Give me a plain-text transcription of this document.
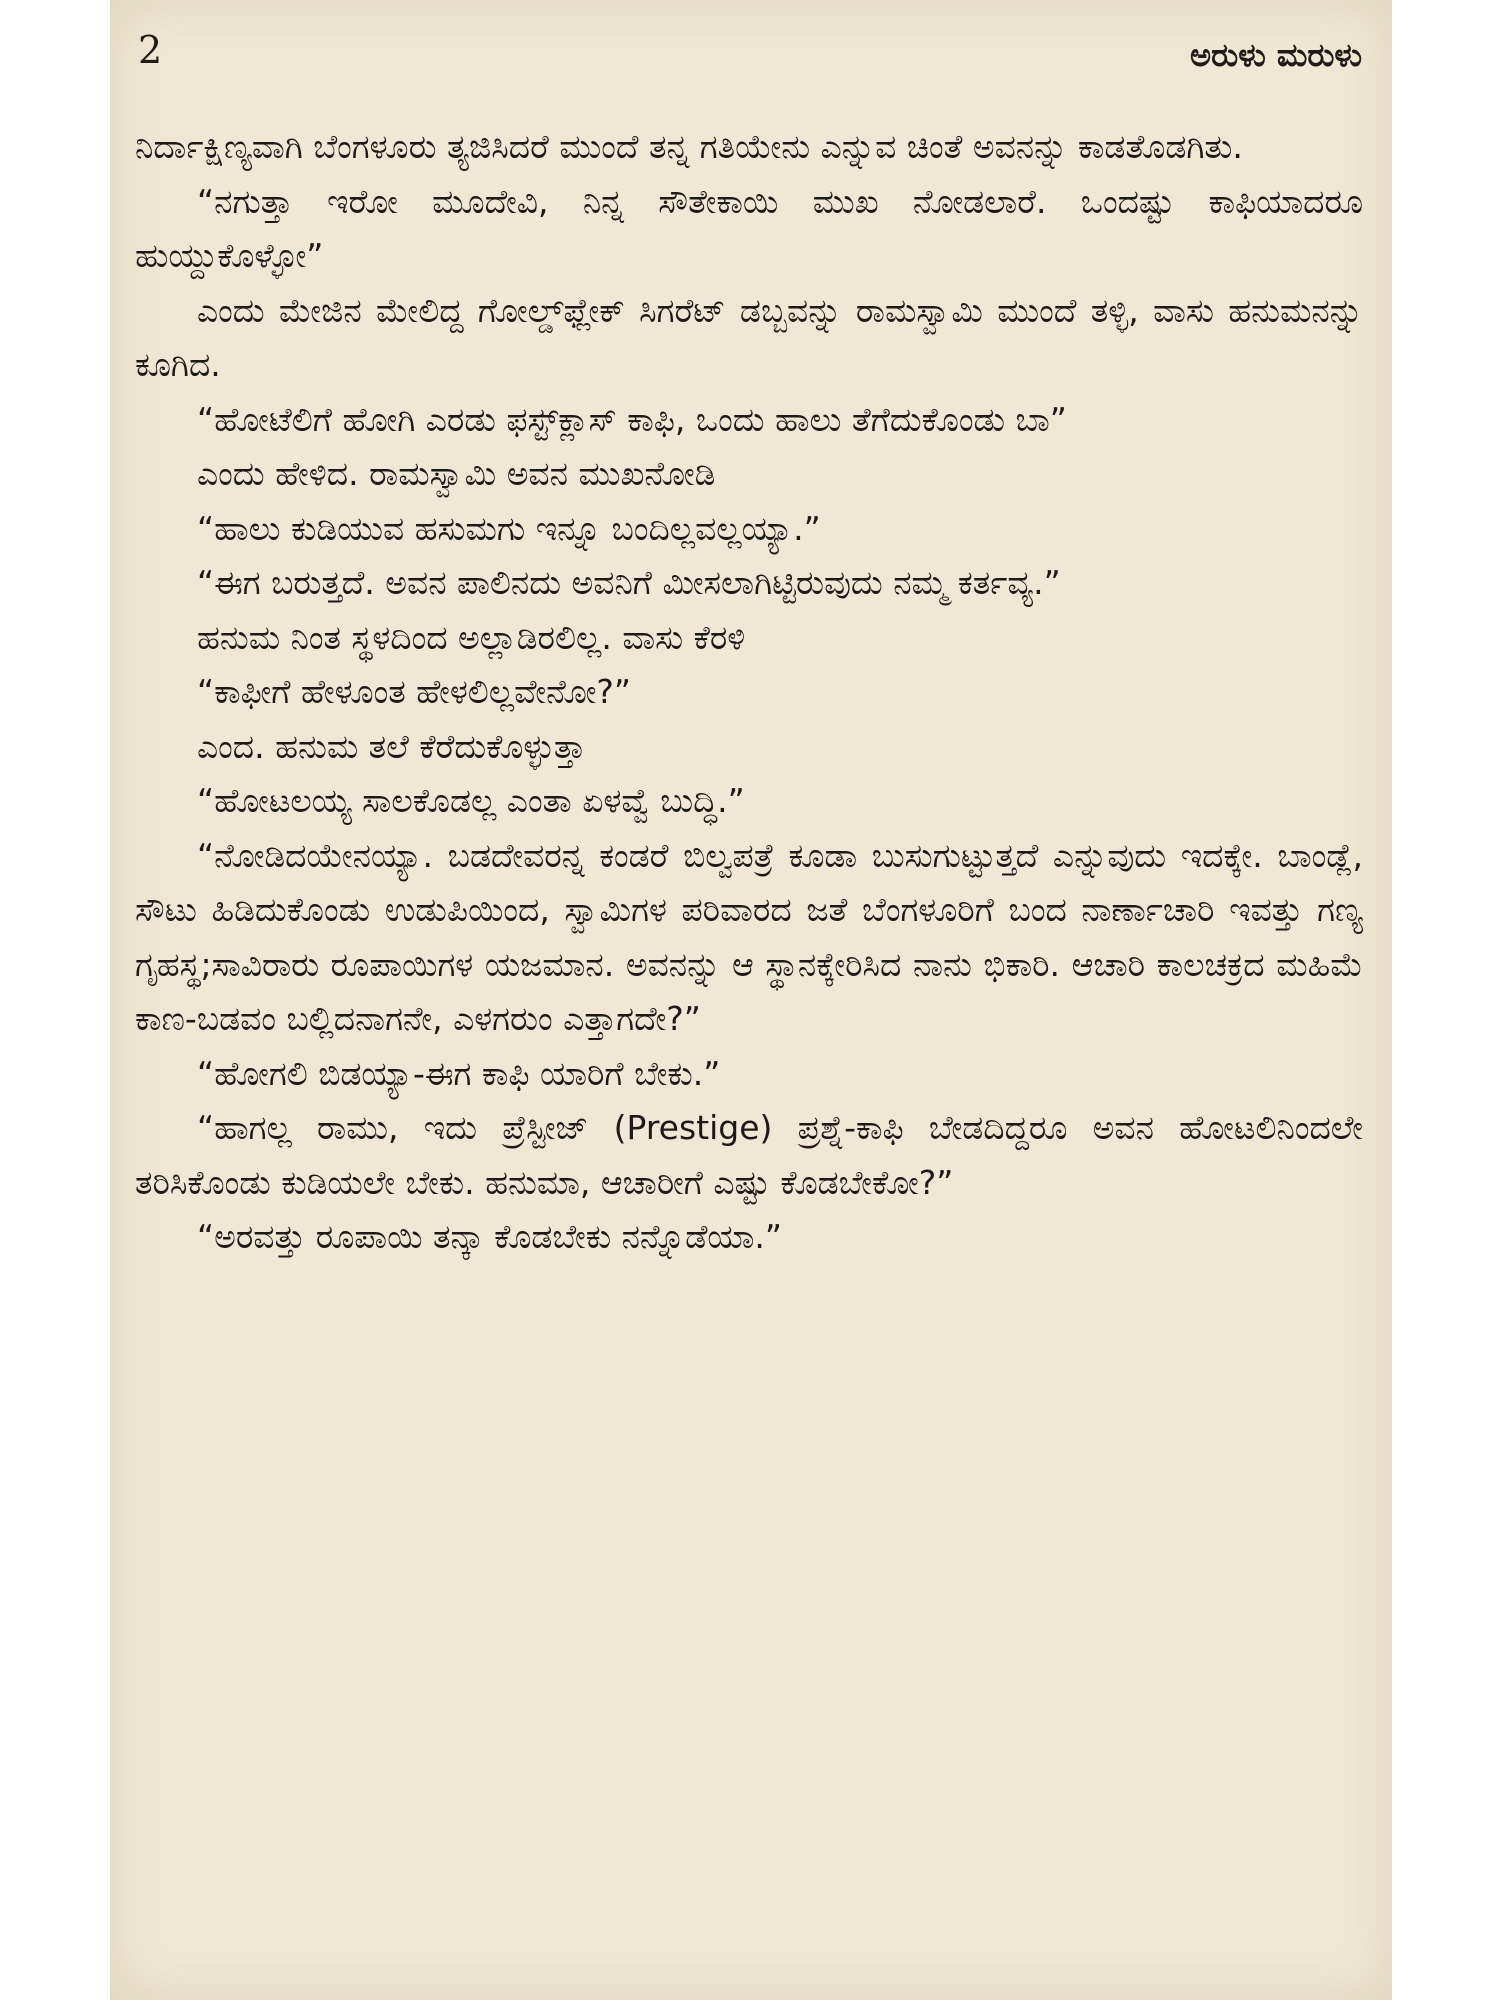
2	ಅರುಳು ಮರುಳು

ನಿರ್ದಾಕ್ಷಿಣ್ಯವಾಗಿ ಬೆಂಗಳೂರು ತ್ಯಜಿಸಿದರೆ ಮುಂದೆ ತನ್ನ ಗತಿಯೇನು ಎನ್ನುವ ಚಿಂತೆ ಅವನನ್ನು ಕಾಡತೊಡಗಿತು.

“ನಗುತ್ತಾ ಇರೋ ಮೂದೇವಿ, ನಿನ್ನ ಸೌತೇಕಾಯಿ ಮುಖ ನೋಡಲಾರೆ. ಒಂದಷ್ಟು ಕಾಫಿಯಾದರೂ ಹುಯ್ದುಕೊಳ್ಳೋ”

ಎಂದು ಮೇಜಿನ ಮೇಲಿದ್ದ ಗೋಲ್ಡ್‌ಫ್ಲೇಕ್ ಸಿಗರೆಟ್ ಡಬ್ಬವನ್ನು ರಾಮಸ್ವಾಮಿ ಮುಂದೆ ತಳ್ಳಿ, ವಾಸು ಹನುಮನನ್ನು ಕೂಗಿದ.

“ಹೋಟೆಲಿಗೆ ಹೋಗಿ ಎರಡು ಫಸ್ಟ್‌ಕ್ಲಾಸ್ ಕಾಫಿ, ಒಂದು ಹಾಲು ತೆಗೆದುಕೊಂಡು ಬಾ”

ಎಂದು ಹೇಳಿದ. ರಾಮಸ್ವಾಮಿ ಅವನ ಮುಖನೋಡಿ

“ಹಾಲು ಕುಡಿಯುವ ಹಸುಮಗು ಇನ್ನೂ ಬಂದಿಲ್ಲವಲ್ಲಯ್ಯಾ.”

“ಈಗ ಬರುತ್ತದೆ. ಅವನ ಪಾಲಿನದು ಅವನಿಗೆ ಮೀಸಲಾಗಿಟ್ಟಿರುವುದು ನಮ್ಮ ಕರ್ತವ್ಯ.”

ಹನುಮ ನಿಂತ ಸ್ಥಳದಿಂದ ಅಲ್ಲಾಡಿರಲಿಲ್ಲ. ವಾಸು ಕೆರಳಿ

“ಕಾಫೀಗೆ ಹೇಳೂಂತ ಹೇಳಲಿಲ್ಲವೇನೋ?”

ಎಂದ. ಹನುಮ ತಲೆ ಕೆರೆದುಕೊಳ್ಳುತ್ತಾ

“ಹೋಟಲಯ್ಯ ಸಾಲಕೊಡಲ್ಲ ಎಂತಾ ಏಳವ್ವೆ ಬುದ್ಧಿ.”

“ನೋಡಿದಯೇನಯ್ಯಾ. ಬಡದೇವರನ್ನ ಕಂಡರೆ ಬಿಲ್ವಪತ್ರೆ ಕೂಡಾ ಬುಸುಗುಟ್ಟುತ್ತದೆ ಎನ್ನುವುದು ಇದಕ್ಕೇ. ಬಾಂಡ್ಲೆ, ಸೌಟು ಹಿಡಿದುಕೊಂಡು ಉಡುಪಿಯಿಂದ, ಸ್ವಾಮಿಗಳ ಪರಿವಾರದ ಜತೆ ಬೆಂಗಳೂರಿಗೆ ಬಂದ ನಾರ್ಣಾಚಾರಿ ಇವತ್ತು ಗಣ್ಯ ಗೃಹಸ್ಥ;ಸಾವಿರಾರು ರೂಪಾಯಿಗಳ ಯಜಮಾನ. ಅವನನ್ನು ಆ ಸ್ಥಾನಕ್ಕೇರಿಸಿದ ನಾನು ಭಿಕಾರಿ. ಆಚಾರಿ ಕಾಲಚಕ್ರದ ಮಹಿಮೆ ಕಾಣ-ಬಡವಂ ಬಲ್ಲಿದನಾಗನೇ, ಎಳಗರುಂ ಎತ್ತಾಗದೇ?”

“ಹೋಗಲಿ ಬಿಡಯ್ಯಾ-ಈಗ ಕಾಫಿ ಯಾರಿಗೆ ಬೇಕು.”

“ಹಾಗಲ್ಲ ರಾಮು, ಇದು ಪ್ರೆಸ್ಟೀಜ್ (Prestige) ಪ್ರಶ್ನೆ-ಕಾಫಿ ಬೇಡದಿದ್ದರೂ ಅವನ ಹೋಟಲಿನಿಂದಲೇ ತರಿಸಿಕೊಂಡು ಕುಡಿಯಲೇ ಬೇಕು. ಹನುಮಾ, ಆಚಾರೀಗೆ ಎಷ್ಟು ಕೊಡಬೇಕೋ?”

“ಅರವತ್ತು ರೂಪಾಯಿ ತನ್ಕಾ ಕೊಡಬೇಕು ನನ್ನೊಡೆಯಾ.”
